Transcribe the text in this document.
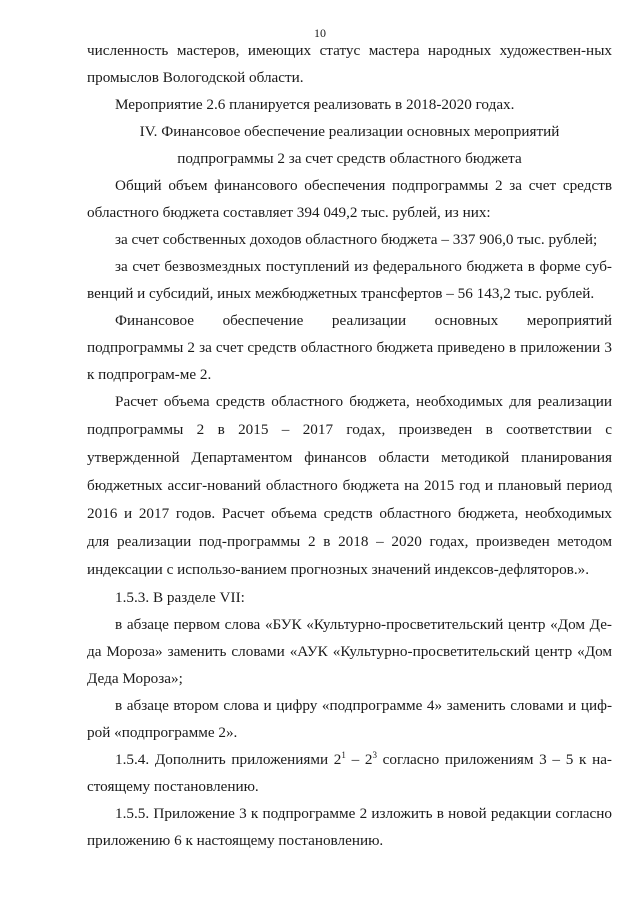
10

численность мастеров, имеющих статус мастера народных художествен-ных промыслов Вологодской области.

Мероприятие 2.6 планируется реализовать в 2018-2020 годах.

IV. Финансовое обеспечение реализации основных мероприятий

подпрограммы 2 за счет средств областного бюджета

Общий объем финансового обеспечения подпрограммы 2 за счет средств областного бюджета составляет 394 049,2 тыс. рублей, из них:

за счет собственных доходов областного бюджета – 337 906,0 тыс. рублей;

за счет безвозмездных поступлений из федерального бюджета в форме суб-венций и субсидий, иных межбюджетных трансфертов – 56 143,2 тыс. рублей.

Финансовое обеспечение реализации основных мероприятий подпрограммы 2 за счет средств областного бюджета приведено в приложении 3 к подпрограм-ме 2.

Расчет объема средств областного бюджета, необходимых для реализации подпрограммы 2 в 2015 – 2017 годах, произведен в соответствии с утвержденной Департаментом финансов области методикой планирования бюджетных ассиг-нований областного бюджета на 2015 год и плановый период 2016 и 2017 годов. Расчет объема средств областного бюджета, необходимых для реализации под-программы 2 в 2018 – 2020 годах, произведен методом индексации с использо-ванием прогнозных значений индексов-дефляторов.».

1.5.3. В разделе VII:

в абзаце первом слова «БУК «Культурно-просветительский центр «Дом Де-да Мороза» заменить словами «АУК «Культурно-просветительский центр «Дом Деда Мороза»;

в абзаце втором слова и цифру «подпрограмме 4» заменить словами и циф-рой «подпрограмме 2».

1.5.4. Дополнить приложениями $2^1 - 2^3$ согласно приложениям 3 – 5 к на-стоящему постановлению.

1.5.5. Приложение 3 к подпрограмме 2 изложить в новой редакции согласно приложению 6 к настоящему постановлению.
